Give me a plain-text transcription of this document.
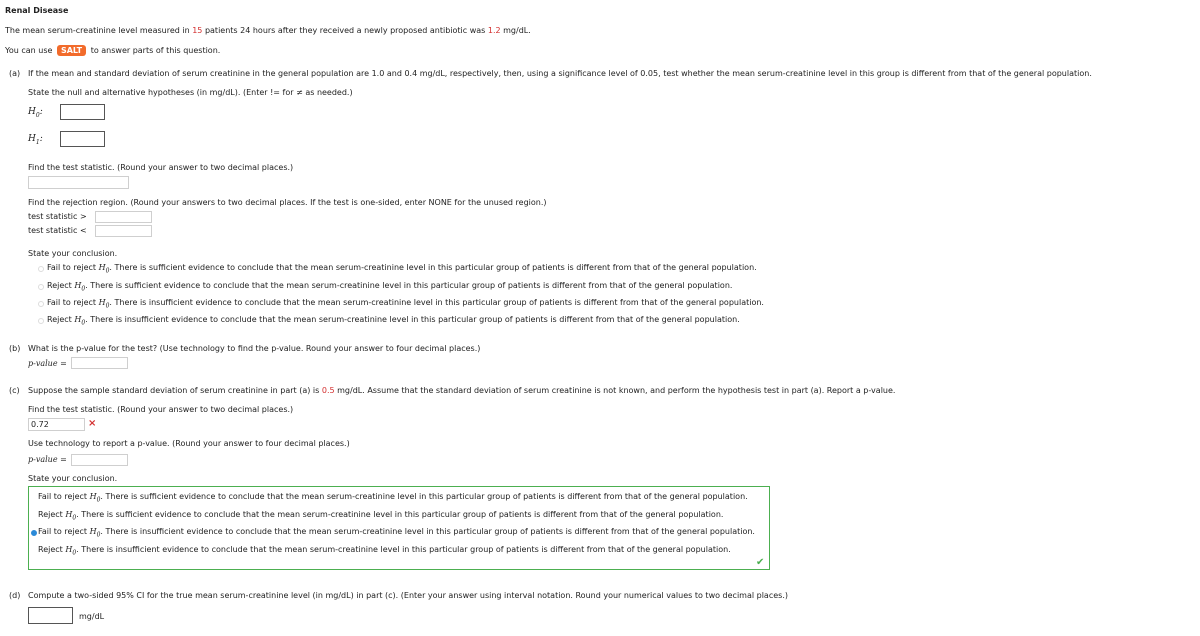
Renal Disease
The mean serum-creatinine level measured in 15 patients 24 hours after they received a newly proposed antibiotic was 1.2 mg/dL.
You can use SALT to answer parts of this question.
(a) If the mean and standard deviation of serum creatinine in the general population are 1.0 and 0.4 mg/dL, respectively, then, using a significance level of 0.05, test whether the mean serum-creatinine level in this group is different from that of the general population.
State the null and alternative hypotheses (in mg/dL). (Enter != for ≠ as needed.)
$H_0$:
$H_1$:
Find the test statistic. (Round your answer to two decimal places.)
Find the rejection region. (Round your answers to two decimal places. If the test is one-sided, enter NONE for the unused region.)
test statistic >
test statistic <
State your conclusion.
Fail to reject $H_0$. There is sufficient evidence to conclude that the mean serum-creatinine level in this particular group of patients is different from that of the general population.
Reject $H_0$. There is sufficient evidence to conclude that the mean serum-creatinine level in this particular group of patients is different from that of the general population.
Fail to reject $H_0$. There is insufficient evidence to conclude that the mean serum-creatinine level in this particular group of patients is different from that of the general population.
Reject $H_0$. There is insufficient evidence to conclude that the mean serum-creatinine level in this particular group of patients is different from that of the general population.
(b) What is the p-value for the test? (Use technology to find the p-value. Round your answer to four decimal places.)
p-value =
(c) Suppose the sample standard deviation of serum creatinine in part (a) is 0.5 mg/dL. Assume that the standard deviation of serum creatinine is not known, and perform the hypothesis test in part (a). Report a p-value.
Find the test statistic. (Round your answer to two decimal places.)
0.72	×
Use technology to report a p-value. (Round your answer to four decimal places.)
p-value =
State your conclusion.
Fail to reject $H_0$. There is sufficient evidence to conclude that the mean serum-creatinine level in this particular group of patients is different from that of the general population.
Reject $H_0$. There is sufficient evidence to conclude that the mean serum-creatinine level in this particular group of patients is different from that of the general population.
Fail to reject $H_0$. There is insufficient evidence to conclude that the mean serum-creatinine level in this particular group of patients is different from that of the general population.
Reject $H_0$. There is insufficient evidence to conclude that the mean serum-creatinine level in this particular group of patients is different from that of the general population.
✔
(d) Compute a two-sided 95% CI for the true mean serum-creatinine level (in mg/dL) in part (c). (Enter your answer using interval notation. Round your numerical values to two decimal places.)
mg/dL
